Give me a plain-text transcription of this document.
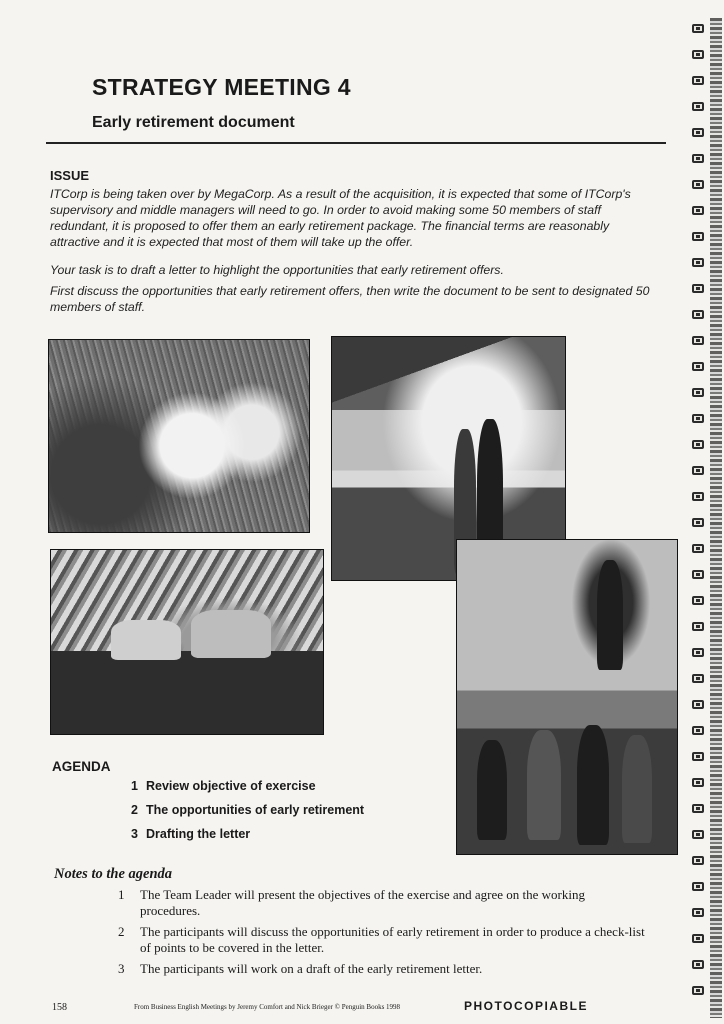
STRATEGY MEETING 4
Early retirement document
ISSUE

ITCorp is being taken over by MegaCorp. As a result of the acquisition, it is expected that some of ITCorp's supervisory and middle managers will need to go. In order to avoid making some 50 members of staff redundant, it is proposed to offer them an early retirement package. The financial terms are reasonably attractive and it is expected that most of them will take up the offer.

Your task is to draft a letter to highlight the opportunities that early retirement offers.

First discuss the opportunities that early retirement offers, then write the document to be sent to designated 50 members of staff.

AGENDA
1 Review objective of exercise
2 The opportunities of early retirement
3 Drafting the letter
Notes to the agenda
1 The Team Leader will present the objectives of the exercise and agree on the working procedures.
2 The participants will discuss the opportunities of early retirement in order to produce a check-list of points to be covered in the letter.
3 The participants will work on a draft of the early retirement letter.
158	From Business English Meetings by Jeremy Comfort and Nick Brieger © Penguin Books 1998	PHOTOCOPIABLE
